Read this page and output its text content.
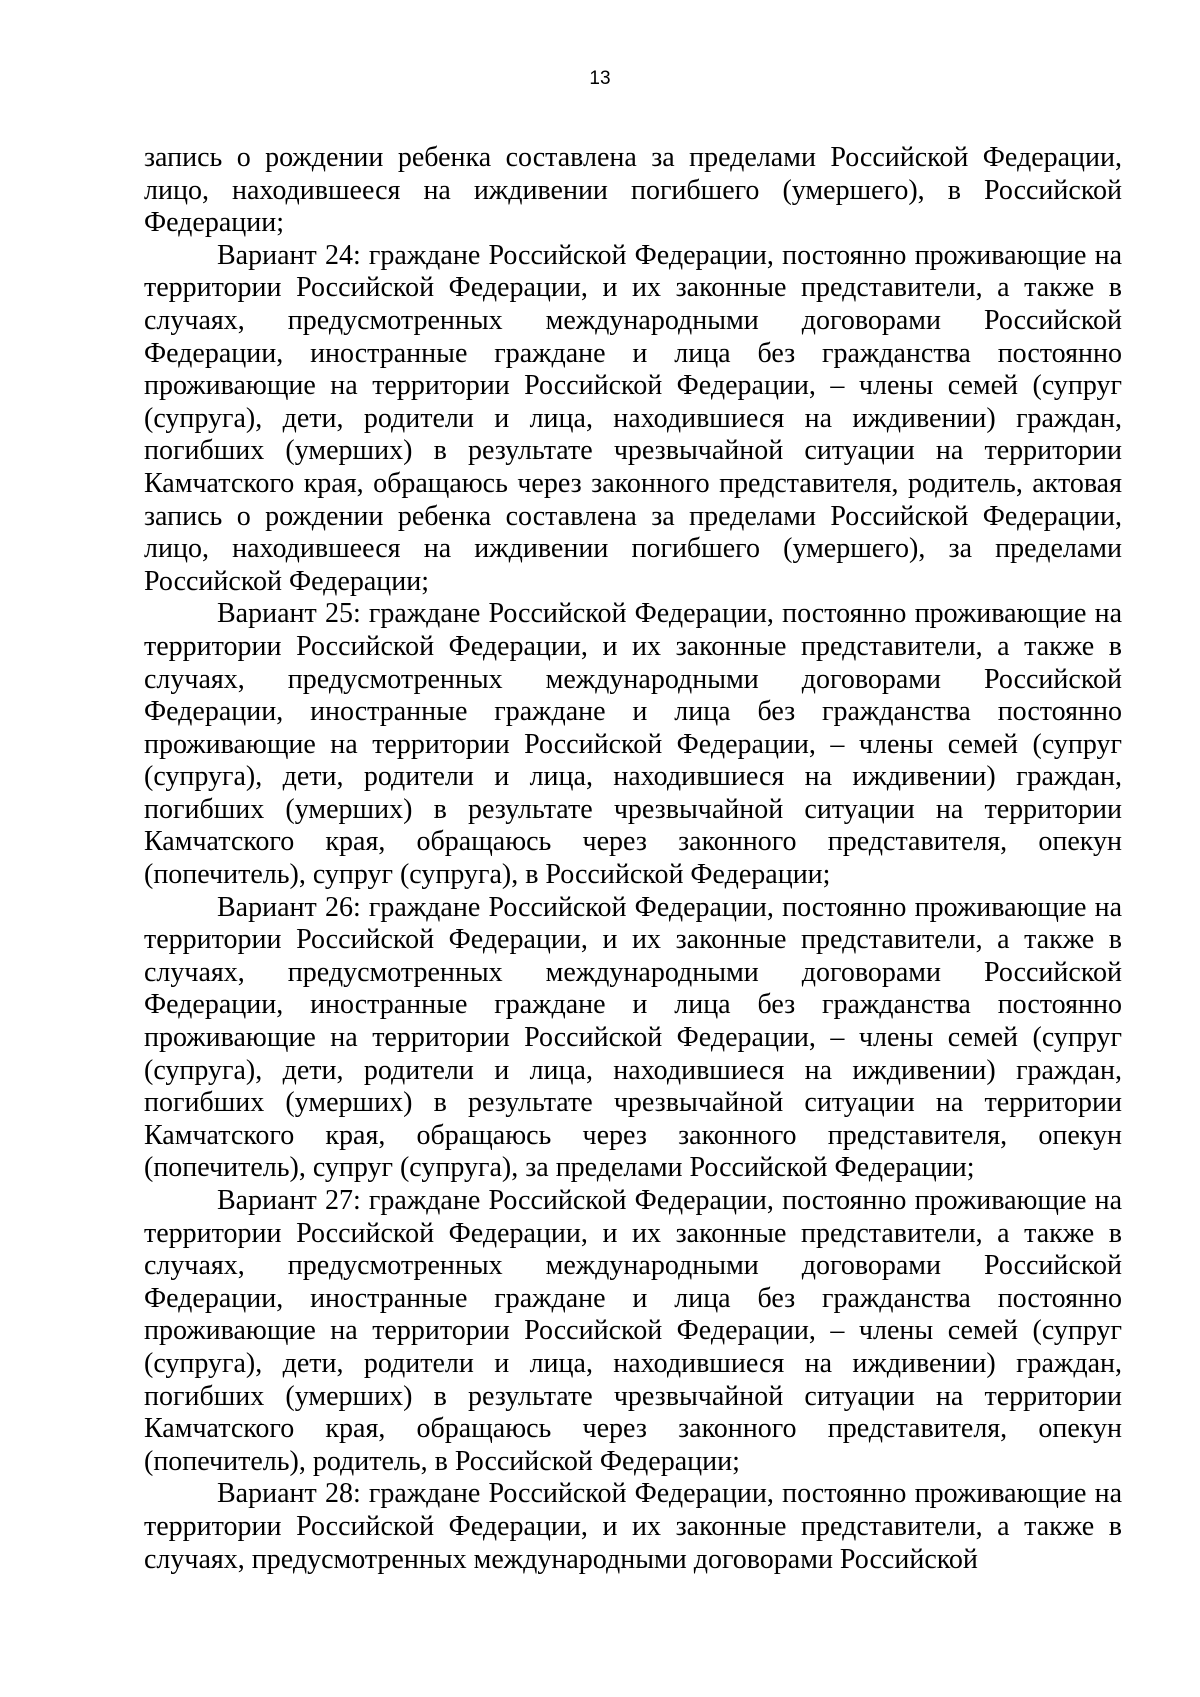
13

запись о рождении ребенка составлена за пределами Российской Федерации, лицо, находившееся на иждивении погибшего (умершего), в Российской Федерации;

Вариант 24: граждане Российской Федерации, постоянно проживающие на территории Российской Федерации, и их законные представители, а также в случаях, предусмотренных международными договорами Российской Федерации, иностранные граждане и лица без гражданства постоянно проживающие на территории Российской Федерации, – члены семей (супруг (супруга), дети, родители и лица, находившиеся на иждивении) граждан, погибших (умерших) в результате чрезвычайной ситуации на территории Камчатского края, обращаюсь через законного представителя, родитель, актовая запись о рождении ребенка составлена за пределами Российской Федерации, лицо, находившееся на иждивении погибшего (умершего), за пределами Российской Федерации;

Вариант 25: граждане Российской Федерации, постоянно проживающие на территории Российской Федерации, и их законные представители, а также в случаях, предусмотренных международными договорами Российской Федерации, иностранные граждане и лица без гражданства постоянно проживающие на территории Российской Федерации, – члены семей (супруг (супруга), дети, родители и лица, находившиеся на иждивении) граждан, погибших (умерших) в результате чрезвычайной ситуации на территории Камчатского края, обращаюсь через законного представителя, опекун (попечитель), супруг (супруга), в Российской Федерации;

Вариант 26: граждане Российской Федерации, постоянно проживающие на территории Российской Федерации, и их законные представители, а также в случаях, предусмотренных международными договорами Российской Федерации, иностранные граждане и лица без гражданства постоянно проживающие на территории Российской Федерации, – члены семей (супруг (супруга), дети, родители и лица, находившиеся на иждивении) граждан, погибших (умерших) в результате чрезвычайной ситуации на территории Камчатского края, обращаюсь через законного представителя, опекун (попечитель), супруг (супруга), за пределами Российской Федерации;

Вариант 27: граждане Российской Федерации, постоянно проживающие на территории Российской Федерации, и их законные представители, а также в случаях, предусмотренных международными договорами Российской Федерации, иностранные граждане и лица без гражданства постоянно проживающие на территории Российской Федерации, – члены семей (супруг (супруга), дети, родители и лица, находившиеся на иждивении) граждан, погибших (умерших) в результате чрезвычайной ситуации на территории Камчатского края, обращаюсь через законного представителя, опекун (попечитель), родитель, в Российской Федерации;

Вариант 28: граждане Российской Федерации, постоянно проживающие на территории Российской Федерации, и их законные представители, а также в случаях, предусмотренных международными договорами Российской
